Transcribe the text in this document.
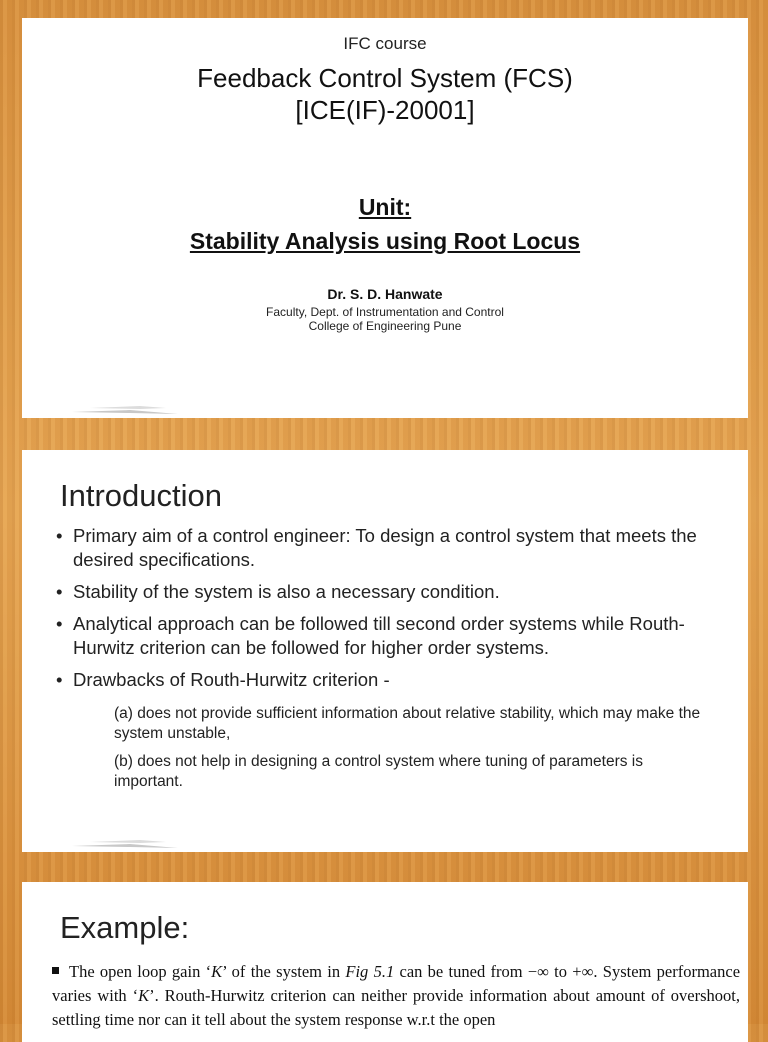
IFC course
Feedback Control System (FCS)
[ICE(IF)-20001]
Unit:
Stability Analysis using Root Locus
Dr. S. D. Hanwate
Faculty, Dept. of Instrumentation and Control
College of Engineering Pune
Introduction
• Primary aim of a control engineer: To design a control system that meets the desired specifications.
• Stability of the system is also a necessary condition.
• Analytical approach can be followed till second order systems while Routh-Hurwitz criterion can be followed for higher order systems.
• Drawbacks of Routh-Hurwitz criterion -
(a) does not provide sufficient information about relative stability, which may make the system unstable,
(b) does not help in designing a control system where tuning of parameters is important.
Example:
The open loop gain ‘K’ of the system in Fig 5.1 can be tuned from −∞ to +∞. System performance varies with ‘K’. Routh-Hurwitz criterion can neither provide information about amount of overshoot, settling time nor can it tell about the system response w.r.t the open
